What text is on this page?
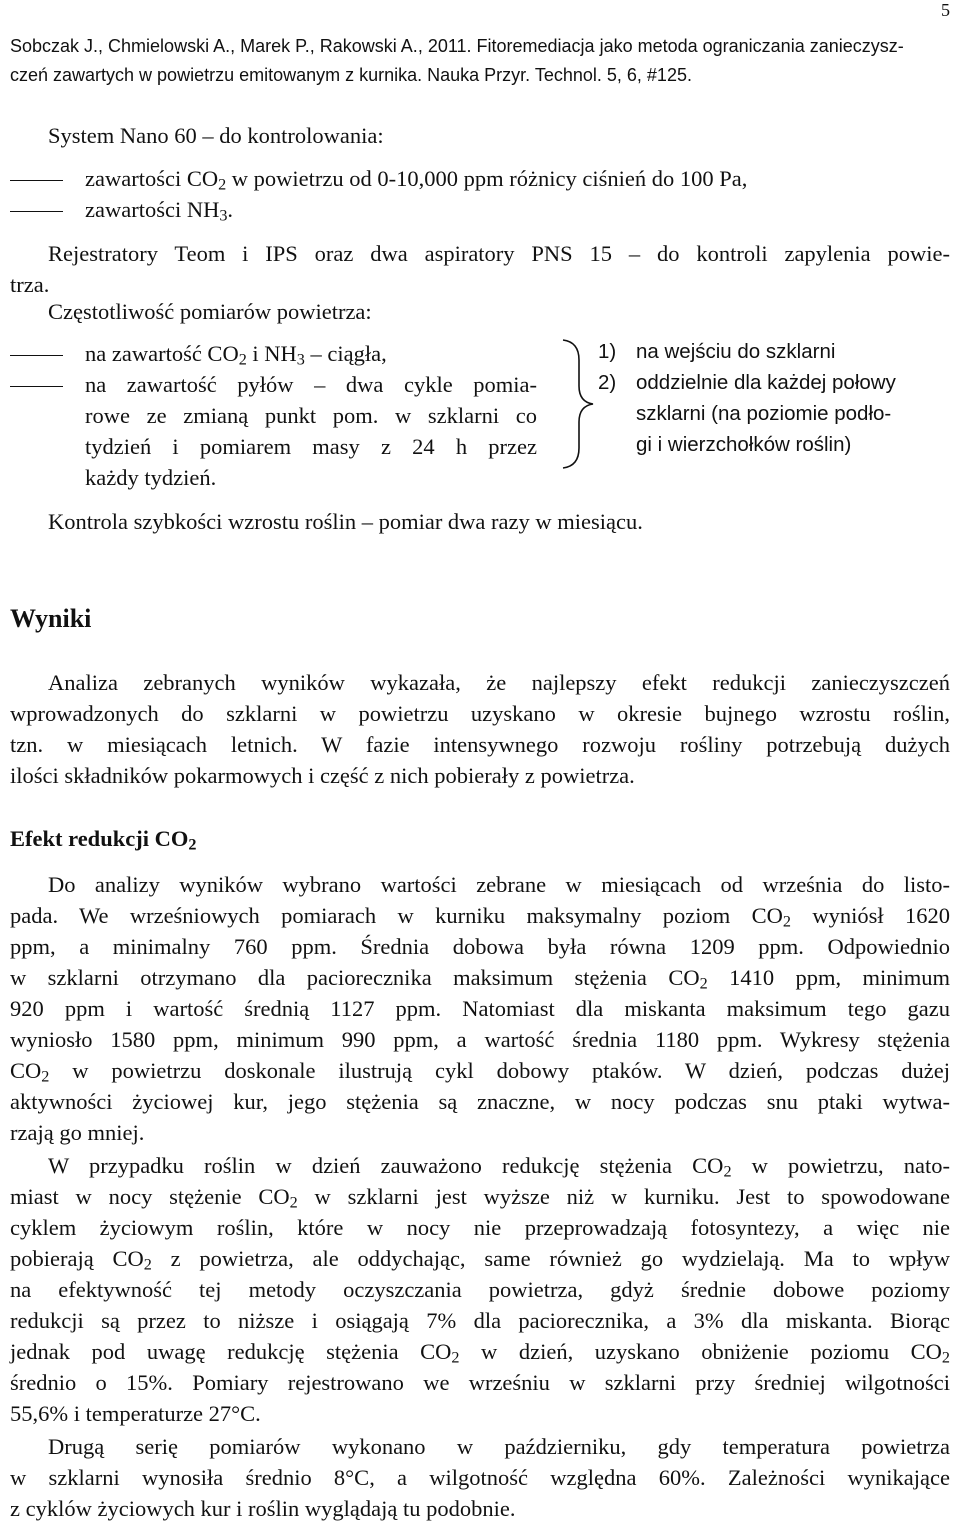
5
Sobczak J., Chmielowski A., Marek P., Rakowski A., 2011. Fitoremediacja jako metoda ograniczania zanieczysz-
czeń zawartych w powietrzu emitowanym z kurnika. Nauka Przyr. Technol. 5, 6, #125.
System Nano 60 – do kontrolowania:
zawartości $CO_2$ w powietrzu od 0-10,000 ppm różnicy ciśnień do 100 Pa,
zawartości $NH_3$.
Rejestratory Teom i IPS oraz dwa aspiratory PNS 15 – do kontroli zapylenia powie-
trza.
Częstotliwość pomiarów powietrza:
na zawartość $CO_2$ i $NH_3$ – ciągła,
na zawartość pyłów – dwa cykle pomia-
rowe ze zmianą punkt pom. w szklarni co
tydzień i pomiarem masy z 24 h przez
każdy tydzień.
1) na wejściu do szklarni
2) oddzielnie dla każdej połowy
szklarni (na poziomie podło-
gi i wierzchołków roślin)
Kontrola szybkości wzrostu roślin – pomiar dwa razy w miesiącu.
Wyniki
Analiza zebranych wyników wykazała, że najlepszy efekt redukcji zanieczyszczeń
wprowadzonych do szklarni w powietrzu uzyskano w okresie bujnego wzrostu roślin,
tzn. w miesiącach letnich. W fazie intensywnego rozwoju rośliny potrzebują dużych
ilości składników pokarmowych i część z nich pobierały z powietrza.
Efekt redukcji $CO_2$
Do analizy wyników wybrano wartości zebrane w miesiącach od września do listo-
pada. We wrześniowych pomiarach w kurniku maksymalny poziom $CO_2$ wyniósł 1620
ppm, a minimalny 760 ppm. Średnia dobowa była równa 1209 ppm. Odpowiednio
w szklarni otrzymano dla paciorecznika maksimum stężenia $CO_2$ 1410 ppm, minimum
920 ppm i wartość średnią 1127 ppm. Natomiast dla miskanta maksimum tego gazu
wyniosło 1580 ppm, minimum 990 ppm, a wartość średnia 1180 ppm. Wykresy stężenia
$CO_2$ w powietrzu doskonale ilustrują cykl dobowy ptaków. W dzień, podczas dużej
aktywności życiowej kur, jego stężenia są znaczne, w nocy podczas snu ptaki wytwa-
rzają go mniej.
W przypadku roślin w dzień zauważono redukcję stężenia $CO_2$ w powietrzu, nato-
miast w nocy stężenie $CO_2$ w szklarni jest wyższe niż w kurniku. Jest to spowodowane
cyklem życiowym roślin, które w nocy nie przeprowadzają fotosyntezy, a więc nie
pobierają $CO_2$ z powietrza, ale oddychając, same również go wydzielają. Ma to wpływ
na efektywność tej metody oczyszczania powietrza, gdyż średnie dobowe poziomy
redukcji są przez to niższe i osiągają 7% dla paciorecznika, a 3% dla miskanta. Biorąc
jednak pod uwagę redukcję stężenia $CO_2$ w dzień, uzyskano obniżenie poziomu $CO_2$
średnio o 15%. Pomiary rejestrowano we wrześniu w szklarni przy średniej wilgotności
55,6% i temperaturze 27°C.
Drugą serię pomiarów wykonano w październiku, gdy temperatura powietrza
w szklarni wynosiła średnio 8°C, a wilgotność względna 60%. Zależności wynikające
z cyklów życiowych kur i roślin wyglądają tu podobnie.
